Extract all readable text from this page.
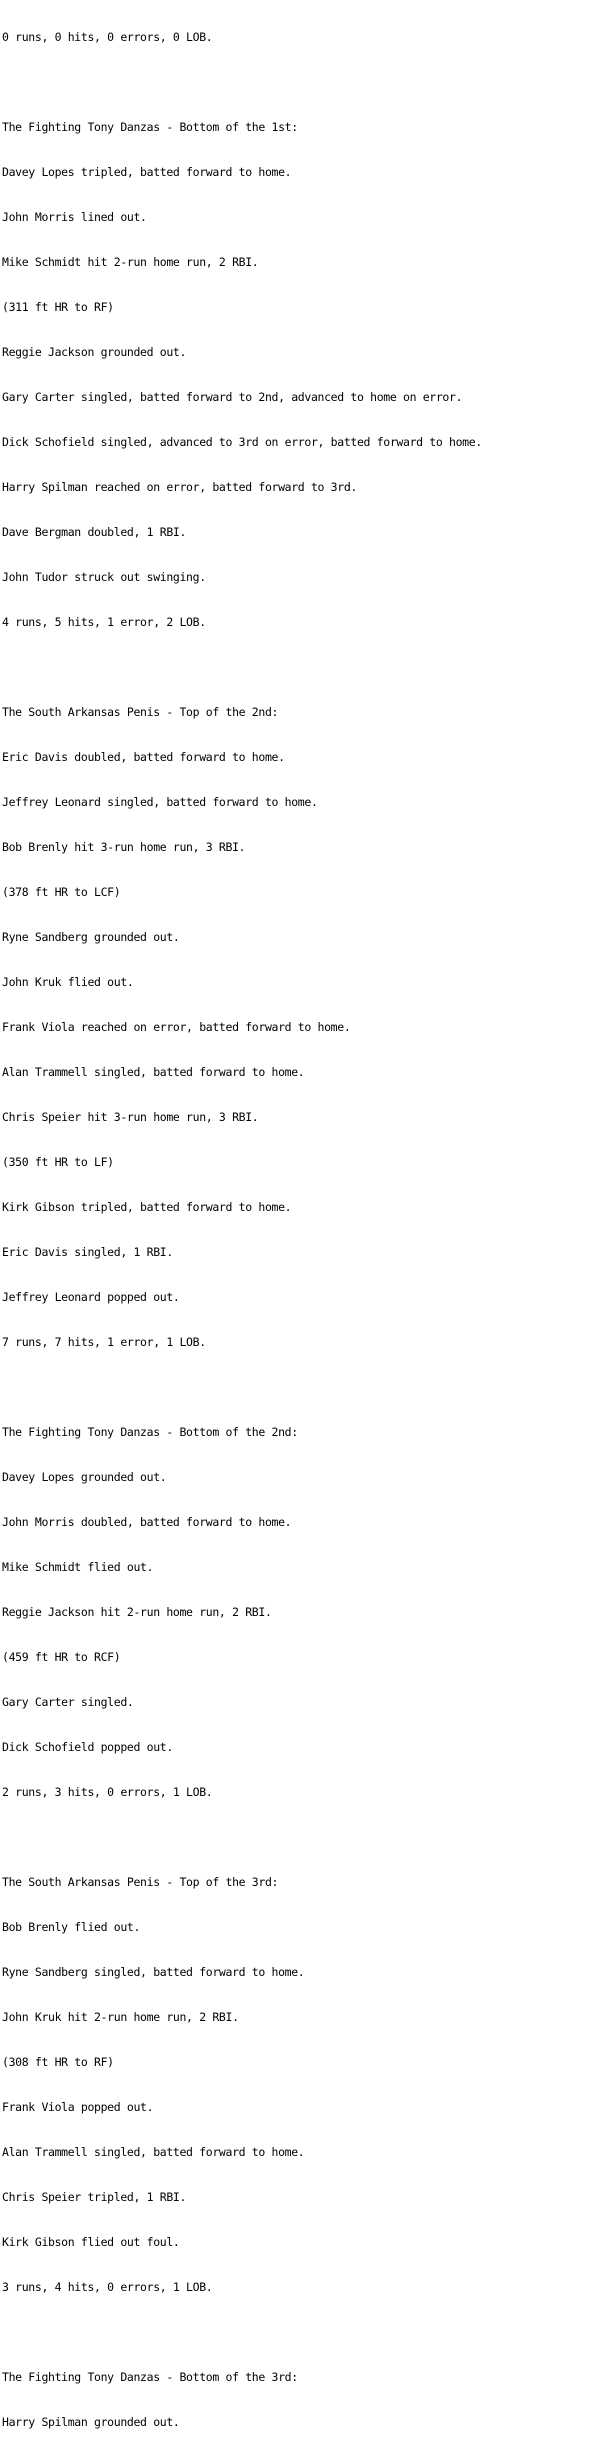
0 runs, 0 hits, 0 errors, 0 LOB.

The Fighting Tony Danzas - Bottom of the 1st:

Davey Lopes tripled, batted forward to home.

John Morris lined out.

Mike Schmidt hit 2-run home run, 2 RBI.

(311 ft HR to RF)

Reggie Jackson grounded out.

Gary Carter singled, batted forward to 2nd, advanced to home on error.

Dick Schofield singled, advanced to 3rd on error, batted forward to home.

Harry Spilman reached on error, batted forward to 3rd.

Dave Bergman doubled, 1 RBI.

John Tudor struck out swinging.

4 runs, 5 hits, 1 error, 2 LOB.

The South Arkansas Penis - Top of the 2nd:

Eric Davis doubled, batted forward to home.

Jeffrey Leonard singled, batted forward to home.

Bob Brenly hit 3-run home run, 3 RBI.

(378 ft HR to LCF)

Ryne Sandberg grounded out.

John Kruk flied out.

Frank Viola reached on error, batted forward to home.

Alan Trammell singled, batted forward to home.

Chris Speier hit 3-run home run, 3 RBI.

(350 ft HR to LF)

Kirk Gibson tripled, batted forward to home.

Eric Davis singled, 1 RBI.

Jeffrey Leonard popped out.

7 runs, 7 hits, 1 error, 1 LOB.

The Fighting Tony Danzas - Bottom of the 2nd:

Davey Lopes grounded out.

John Morris doubled, batted forward to home.

Mike Schmidt flied out.

Reggie Jackson hit 2-run home run, 2 RBI.

(459 ft HR to RCF)

Gary Carter singled.

Dick Schofield popped out.

2 runs, 3 hits, 0 errors, 1 LOB.

The South Arkansas Penis - Top of the 3rd:

Bob Brenly flied out.

Ryne Sandberg singled, batted forward to home.

John Kruk hit 2-run home run, 2 RBI.

(308 ft HR to RF)

Frank Viola popped out.

Alan Trammell singled, batted forward to home.

Chris Speier tripled, 1 RBI.

Kirk Gibson flied out foul.

3 runs, 4 hits, 0 errors, 1 LOB.

The Fighting Tony Danzas - Bottom of the 3rd:

Harry Spilman grounded out.
